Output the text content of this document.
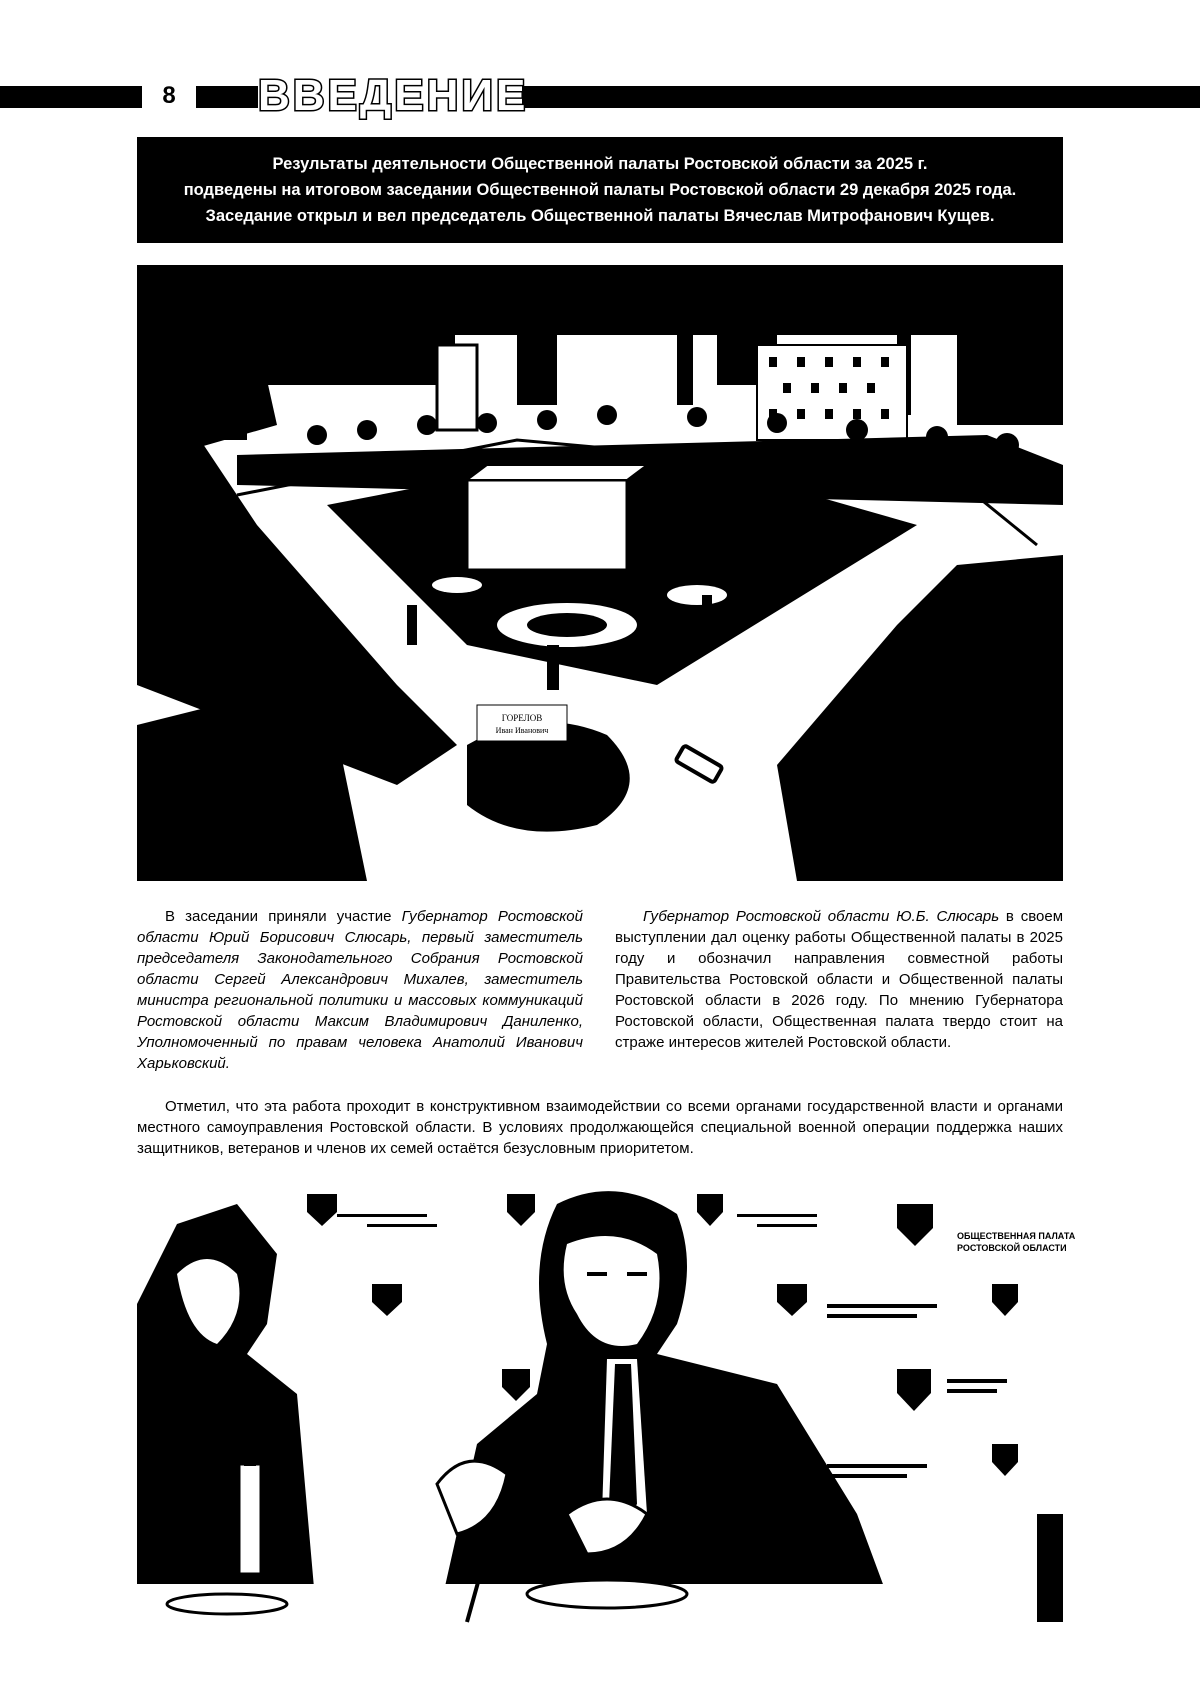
8	ВВЕДЕНИЕ
Результаты деятельности Общественной палаты Ростовской области за 2025 г.
подведены на итоговом заседании Общественной палаты Ростовской области 29 декабря 2025 года.
Заседание открыл и вел председатель Общественной палаты Вячеслав Митрофанович Кущев.
ГОРЕЛОВ
Иван Иванович

В заседании приняли участие Губернатор Ростовской области Юрий Борисович Слюсарь, первый заместитель председателя Законодательного Собрания Ростовской области Сергей Александрович Михалев, заместитель министра региональной политики и массовых коммуникаций Ростовской области Максим Владимирович Даниленко, Уполномоченный по правам человека Анатолий Иванович Харьковский.

Губернатор Ростовской области Ю.Б. Слюсарь в своем выступлении дал оценку работы Общественной палаты в 2025 году и обозначил направления совместной работы Правительства Ростовской области и Общественной палаты Ростовской области в 2026 году. По мнению Губернатора Ростовской области, Общественная палата твердо стоит на страже интересов жителей Ростовской области.

Отметил, что эта работа проходит в конструктивном взаимодействии со всеми органами государственной власти и органами местного самоуправления Ростовской области. В условиях продолжающейся специальной военной операции поддержка наших защитников, ветеранов и членов их семей остаётся безусловным приоритетом.

ОБЩЕСТВЕННАЯ ПАЛАТА
РОСТОВСКОЙ ОБЛАСТИ
